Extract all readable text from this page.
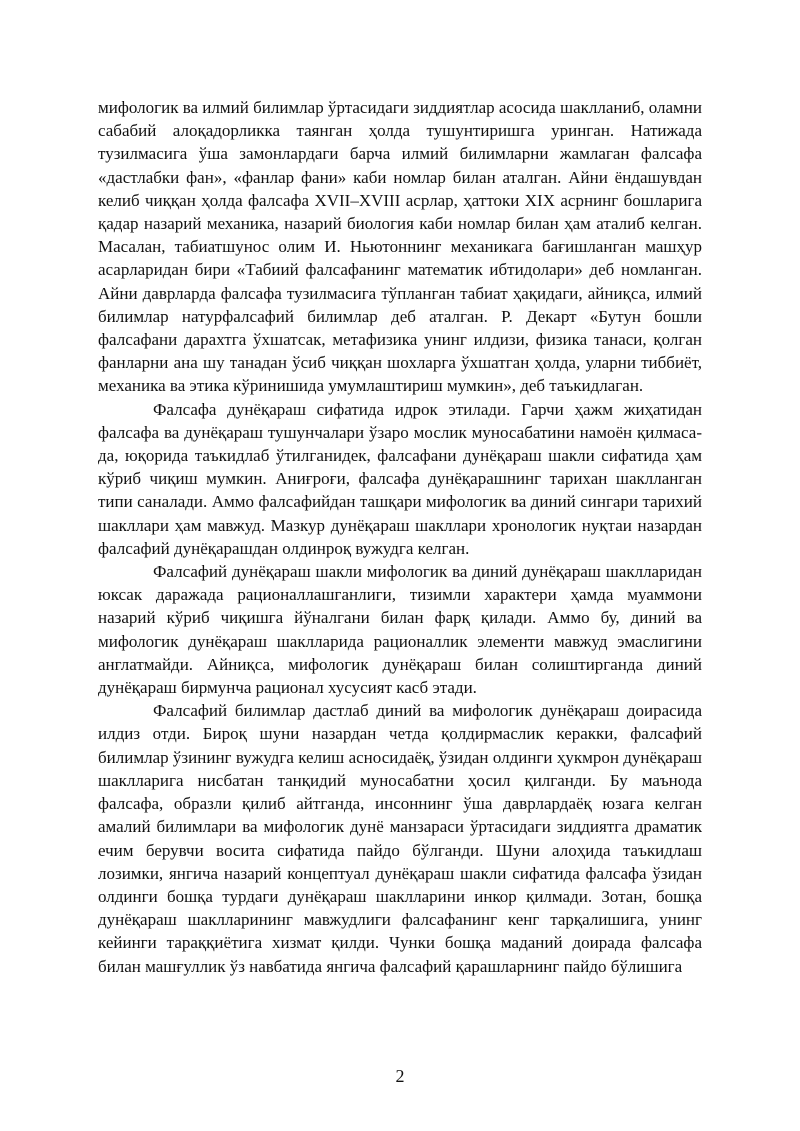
мифологик ва илмий билимлар ўртасидаги зиддиятлар асосида шаклланиб, оламни сабабий алоқадорликка таянган ҳолда тушунтиришга уринган. Натижада тузилмасига ўша замонлардаги барча илмий билимларни жамлаган фалсафа «дастлабки фан», «фанлар фани» каби номлар билан аталган. Айни ёндашувдан келиб чиққан ҳолда фалсафа XVII–XVIII асрлар, ҳаттоки XIX асрнинг бошларига қадар назарий механика, назарий биология каби номлар билан ҳам аталиб келган. Масалан, табиатшунос олим И. Ньютоннинг механикага бағишланган машҳур асарларидан бири «Табиий фалсафанинг математик ибтидолари» деб номланган. Айни даврларда фалсафа тузилмасига тўпланган табиат ҳақидаги, айниқса, илмий билимлар натурфалсафий билимлар деб аталган. Р. Декарт «Бутун бошли фалсафани дарахтга ўхшатсак, метафизика унинг илдизи, физика танаси, қолган фанларни ана шу танадан ўсиб чиққан шохларга ўхшатган ҳолда, уларни тиббиёт, механика ва этика кўринишида умумлаштириш мумкин», деб таъкидлаган.

Фалсафа дунёқараш сифатида идрок этилади. Гарчи ҳажм жиҳатидан фалсафа ва дунёқараш тушунчалари ўзаро мослик муносабатини намоён қилмаса-да, юқорида таъкидлаб ўтилганидек, фалсафани дунёқараш шакли сифатида ҳам кўриб чиқиш мумкин. Аниғроғи, фалсафа дунёқарашнинг тарихан шаклланган типи саналади. Аммо фалсафийдан ташқари мифологик ва диний сингари тарихий шакллари ҳам мавжуд. Мазкур дунёқараш шакллари хронологик нуқтаи назардан фалсафий дунёқарашдан олдинроқ вужудга келган.

Фалсафий дунёқараш шакли мифологик ва диний дунёқараш шаклларидан юксак даражада рационаллашганлиги, тизимли характери ҳамда муаммони назарий кўриб чиқишга йўналгани билан фарқ қилади. Аммо бу, диний ва мифологик дунёқараш шаклларида рационаллик элементи мавжуд эмаслигини англатмайди. Айниқса, мифологик дунёқараш билан солиштирганда диний дунёқараш бирмунча рационал хусусият касб этади.

Фалсафий билимлар дастлаб диний ва мифологик дунёқараш доирасида илдиз отди. Бироқ шуни назардан четда қолдирмаслик керакки, фалсафий билимлар ўзининг вужудга келиш асносидаёқ, ўзидан олдинги ҳукмрон дунёқараш шаклларига нисбатан танқидий муносабатни ҳосил қилганди. Бу маънода фалсафа, образли қилиб айтганда, инсоннинг ўша даврлардаёқ юзага келган амалий билимлари ва мифологик дунё манзараси ўртасидаги зиддиятга драматик ечим берувчи восита сифатида пайдо бўлганди. Шуни алоҳида таъкидлаш лозимки, янгича назарий концептуал дунёқараш шакли сифатида фалсафа ўзидан олдинги бошқа турдаги дунёқараш шаклларини инкор қилмади. Зотан, бошқа дунёқараш шаклларининг мавжудлиги фалсафанинг кенг тарқалишига, унинг кейинги тараққиётига хизмат қилди. Чунки бошқа маданий доирада фалсафа билан машғуллик ўз навбатида янгича фалсафий қарашларнинг пайдо бўлишига

2
